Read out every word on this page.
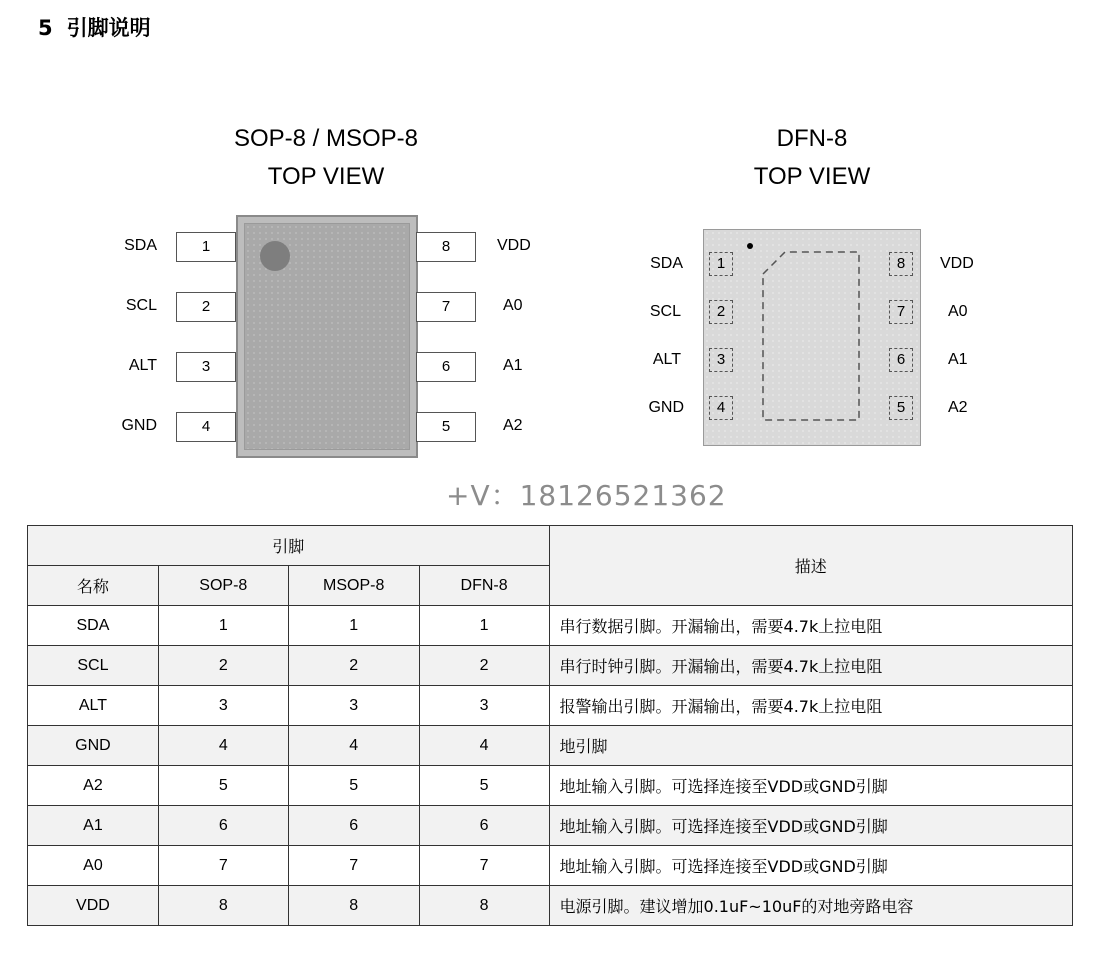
5 引脚说明
SOP-8 / MSOP-8
TOP VIEW
SDA	1
SCL	2
ALT	3
GND	4
8	VDD
7	A0
6	A1
5	A2
DFN-8
TOP VIEW
1
2
3
4
8
7
6
5
SDA
SCL
ALT
GND
VDD
A0
A1
A2
+V：18126521362
引脚				描述
名称	SOP-8	MSOP-8	DFN-8	
SDA	1	1	1	串行数据引脚。开漏输出，需要4.7k上拉电阻
SCL	2	2	2	串行时钟引脚。开漏输出，需要4.7k上拉电阻
ALT	3	3	3	报警输出引脚。开漏输出，需要4.7k上拉电阻
GND	4	4	4	地引脚
A2	5	5	5	地址输入引脚。可选择连接至VDD或GND引脚
A1	6	6	6	地址输入引脚。可选择连接至VDD或GND引脚
A0	7	7	7	地址输入引脚。可选择连接至VDD或GND引脚
VDD	8	8	8	电源引脚。建议增加0.1uF~10uF的对地旁路电容
